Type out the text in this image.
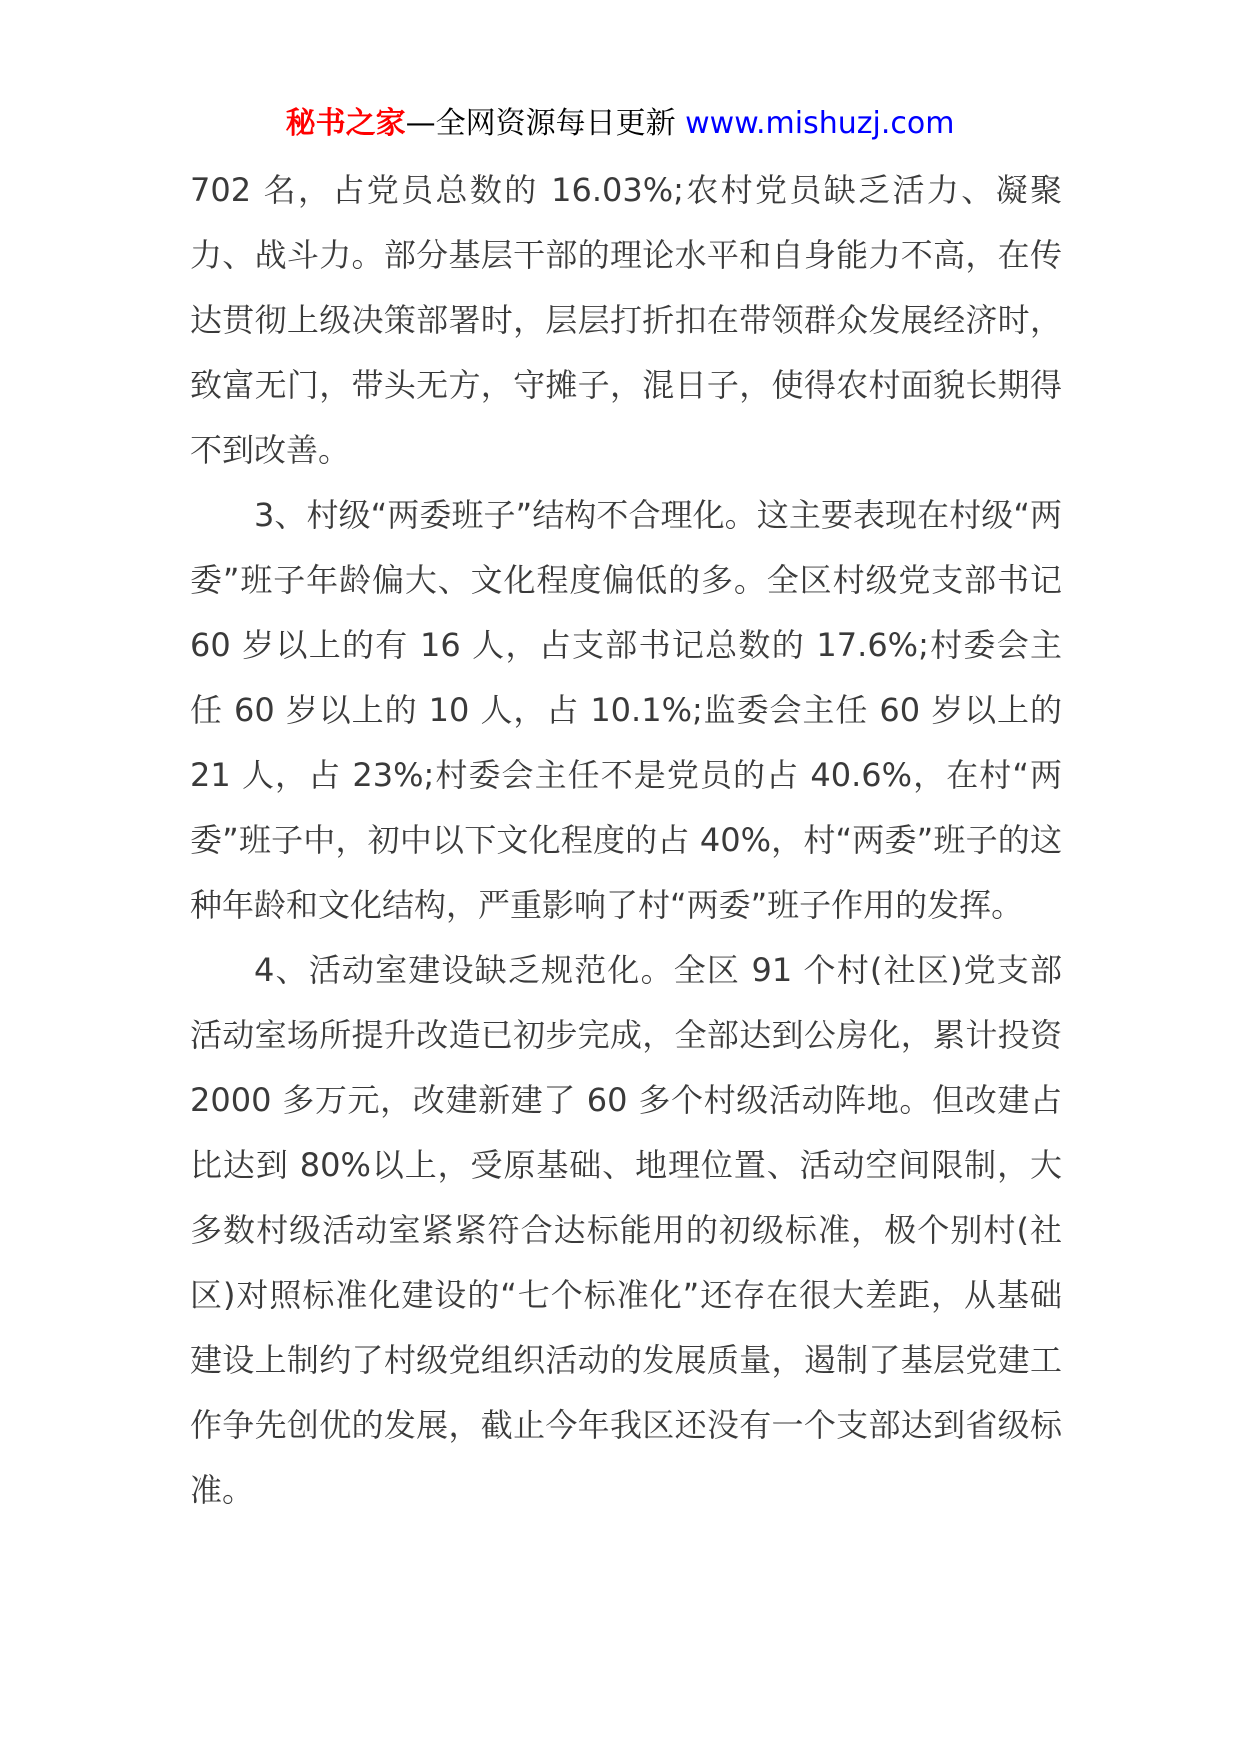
秘书之家—全网资源每日更新 www.mishuzj.com

702 名，占党员总数的 16.03%;农村党员缺乏活力、凝聚力、战斗力。部分基层干部的理论水平和自身能力不高，在传达贯彻上级决策部署时，层层打折扣在带领群众发展经济时，致富无门，带头无方，守摊子，混日子，使得农村面貌长期得不到改善。

3、村级“两委班子”结构不合理化。这主要表现在村级“两委”班子年龄偏大、文化程度偏低的多。全区村级党支部书记 60 岁以上的有 16 人，占支部书记总数的 17.6%;村委会主任 60 岁以上的 10 人，占 10.1%;监委会主任 60 岁以上的 21 人，占 23%;村委会主任不是党员的占 40.6%，在村“两委”班子中，初中以下文化程度的占 40%，村“两委”班子的这种年龄和文化结构，严重影响了村“两委”班子作用的发挥。

4、活动室建设缺乏规范化。全区 91 个村(社区)党支部活动室场所提升改造已初步完成，全部达到公房化，累计投资 2000 多万元，改建新建了 60 多个村级活动阵地。但改建占比达到 80%以上，受原基础、地理位置、活动空间限制，大多数村级活动室紧紧符合达标能用的初级标准，极个别村(社区)对照标准化建设的“七个标准化”还存在很大差距，从基础建设上制约了村级党组织活动的发展质量，遏制了基层党建工作争先创优的发展，截止今年我区还没有一个支部达到省级标准。
